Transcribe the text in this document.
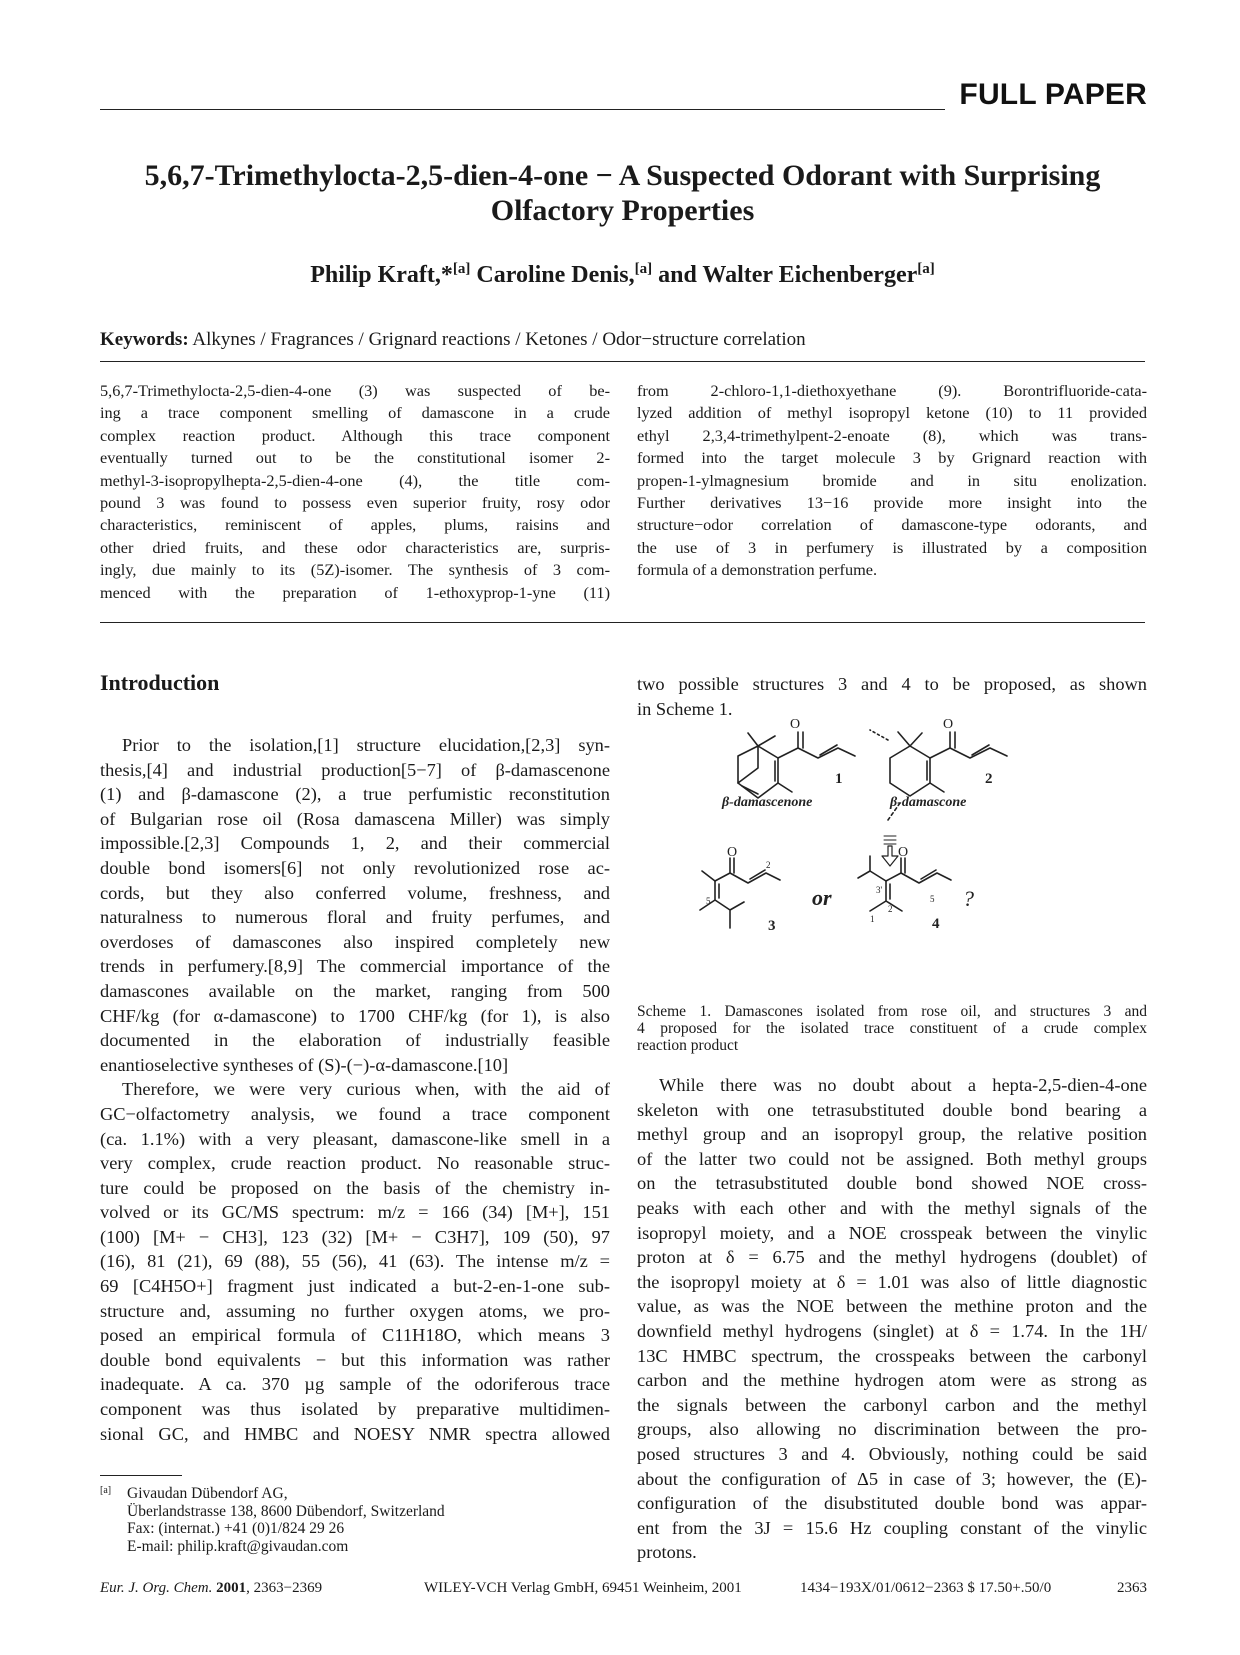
FULL PAPER
5,6,7-Trimethylocta-2,5-dien-4-one − A Suspected Odorant with Surprising
Olfactory Properties
Philip Kraft,*[a] Caroline Denis,[a] and Walter Eichenberger[a]
Keywords: Alkynes / Fragrances / Grignard reactions / Ketones / Odor−structure correlation
5,6,7-Trimethylocta-2,5-dien-4-one (3) was suspected of be-
ing a trace component smelling of damascone in a crude
complex reaction product. Although this trace component
eventually turned out to be the constitutional isomer 2-
methyl-3-isopropylhepta-2,5-dien-4-one (4), the title com-
pound 3 was found to possess even superior fruity, rosy odor
characteristics, reminiscent of apples, plums, raisins and
other dried fruits, and these odor characteristics are, surpris-
ingly, due mainly to its (5Z)-isomer. The synthesis of 3 com-
menced with the preparation of 1-ethoxyprop-1-yne (11)
from 2-chloro-1,1-diethoxyethane (9). Borontrifluoride-cata-
lyzed addition of methyl isopropyl ketone (10) to 11 provided
ethyl 2,3,4-trimethylpent-2-enoate (8), which was trans-
formed into the target molecule 3 by Grignard reaction with
propen-1-ylmagnesium bromide and in situ enolization.
Further derivatives 13−16 provide more insight into the
structure−odor correlation of damascone-type odorants, and
the use of 3 in perfumery is illustrated by a composition
formula of a demonstration perfume.
Introduction
Prior to the isolation,[1] structure elucidation,[2,3] syn-
thesis,[4] and industrial production[5−7] of β-damascenone
(1) and β-damascone (2), a true perfumistic reconstitution
of Bulgarian rose oil (Rosa damascena Miller) was simply
impossible.[2,3] Compounds 1, 2, and their commercial
double bond isomers[6] not only revolutionized rose ac-
cords, but they also conferred volume, freshness, and
naturalness to numerous floral and fruity perfumes, and
overdoses of damascones also inspired completely new
trends in perfumery.[8,9] The commercial importance of the
damascones available on the market, ranging from 500
CHF/kg (for α-damascone) to 1700 CHF/kg (for 1), is also
documented in the elaboration of industrially feasible
enantioselective syntheses of (S)-(−)-α-damascone.[10]
Therefore, we were very curious when, with the aid of
GC−olfactometry analysis, we found a trace component
(ca. 1.1%) with a very pleasant, damascone-like smell in a
very complex, crude reaction product. No reasonable struc-
ture could be proposed on the basis of the chemistry in-
volved or its GC/MS spectrum: m/z = 166 (34) [M+], 151
(100) [M+ − CH3], 123 (32) [M+ − C3H7], 109 (50), 97
(16), 81 (21), 69 (88), 55 (56), 41 (63). The intense m/z =
69 [C4H5O+] fragment just indicated a but-2-en-1-one sub-
structure and, assuming no further oxygen atoms, we pro-
posed an empirical formula of C11H18O, which means 3
double bond equivalents − but this information was rather
inadequate. A ca. 370 µg sample of the odoriferous trace
component was thus isolated by preparative multidimen-
sional GC, and HMBC and NOESY NMR spectra allowed
two possible structures 3 and 4 to be proposed, as shown
in Scheme 1.
O	O
O	O
1	2
β-damascenone	β-damascone
3	4
or	?
2
5
3'
2
5
1
Scheme 1. Damascones isolated from rose oil, and structures 3 and
4 proposed for the isolated trace constituent of a crude complex
reaction product
While there was no doubt about a hepta-2,5-dien-4-one
skeleton with one tetrasubstituted double bond bearing a
methyl group and an isopropyl group, the relative position
of the latter two could not be assigned. Both methyl groups
on the tetrasubstituted double bond showed NOE cross-
peaks with each other and with the methyl signals of the
isopropyl moiety, and a NOE crosspeak between the vinylic
proton at δ = 6.75 and the methyl hydrogens (doublet) of
the isopropyl moiety at δ = 1.01 was also of little diagnostic
value, as was the NOE between the methine proton and the
downfield methyl hydrogens (singlet) at δ = 1.74. In the 1H/
13C HMBC spectrum, the crosspeaks between the carbonyl
carbon and the methine hydrogen atom were as strong as
the signals between the carbonyl carbon and the methyl
groups, also allowing no discrimination between the pro-
posed structures 3 and 4. Obviously, nothing could be said
about the configuration of Δ5 in case of 3; however, the (E)-
configuration of the disubstituted double bond was appar-
ent from the 3J = 15.6 Hz coupling constant of the vinylic
protons.
[a]	Givaudan Dübendorf AG,
Überlandstrasse 138, 8600 Dübendorf, Switzerland
Fax: (internat.) +41 (0)1/824 29 26
E-mail: philip.kraft@givaudan.com
Eur. J. Org. Chem. 2001, 2363−2369	WILEY-VCH Verlag GmbH, 69451 Weinheim, 2001	1434−193X/01/0612−2363 $ 17.50+.50/0	2363
